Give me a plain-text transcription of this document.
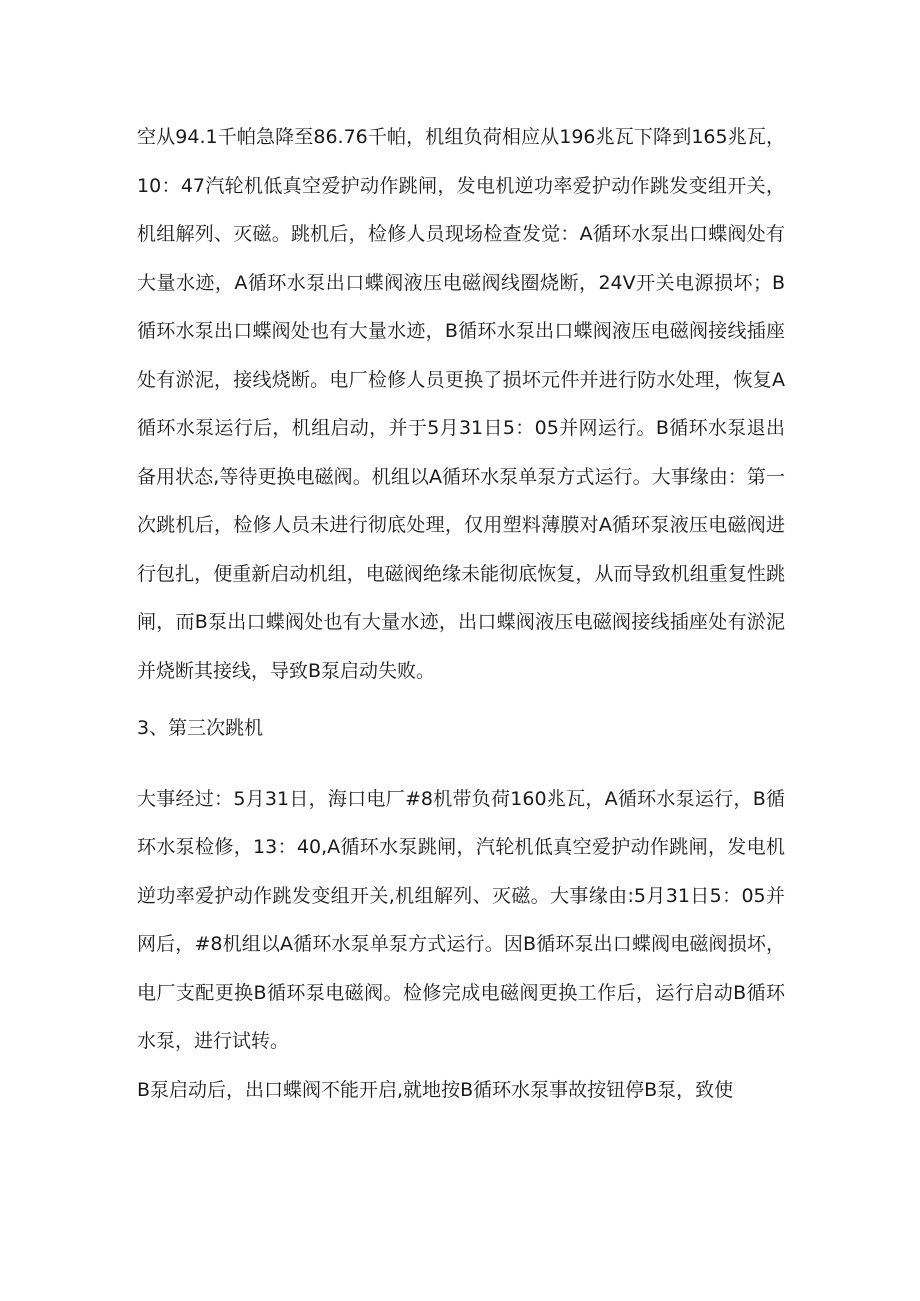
空从94.1千帕急降至86.76千帕，机组负荷相应从196兆瓦下降到165兆瓦，10：47汽轮机低真空爱护动作跳闸，发电机逆功率爱护动作跳发变组开关，机组解列、灭磁。跳机后，检修人员现场检查发觉：A循环水泵出口蝶阀处有大量水迹，A循环水泵出口蝶阀液压电磁阀线圈烧断，24V开关电源损坏；B循环水泵出口蝶阀处也有大量水迹，B循环水泵出口蝶阀液压电磁阀接线插座处有淤泥，接线烧断。电厂检修人员更换了损坏元件并进行防水处理，恢复A循环水泵运行后，机组启动，并于5月31日5：05并网运行。B循环水泵退出备用状态,等待更换电磁阀。机组以A循环水泵单泵方式运行。大事缘由：第一次跳机后，检修人员未进行彻底处理，仅用塑料薄膜对A循环泵液压电磁阀进行包扎，便重新启动机组，电磁阀绝缘未能彻底恢复，从而导致机组重复性跳闸，而B泵出口蝶阀处也有大量水迹，出口蝶阀液压电磁阀接线插座处有淤泥并烧断其接线，导致B泵启动失败。

3、第三次跳机

大事经过：5月31日，海口电厂#8机带负荷160兆瓦，A循环水泵运行，B循环水泵检修，13：40,A循环水泵跳闸，汽轮机低真空爱护动作跳闸，发电机逆功率爱护动作跳发变组开关,机组解列、灭磁。大事缘由:5月31日5：05并网后，#8机组以A循环水泵单泵方式运行。因B循环泵出口蝶阀电磁阀损坏，电厂支配更换B循环泵电磁阀。检修完成电磁阀更换工作后，运行启动B循环水泵，进行试转。

B泵启动后，出口蝶阀不能开启,就地按B循环水泵事故按钮停B泵，致使
